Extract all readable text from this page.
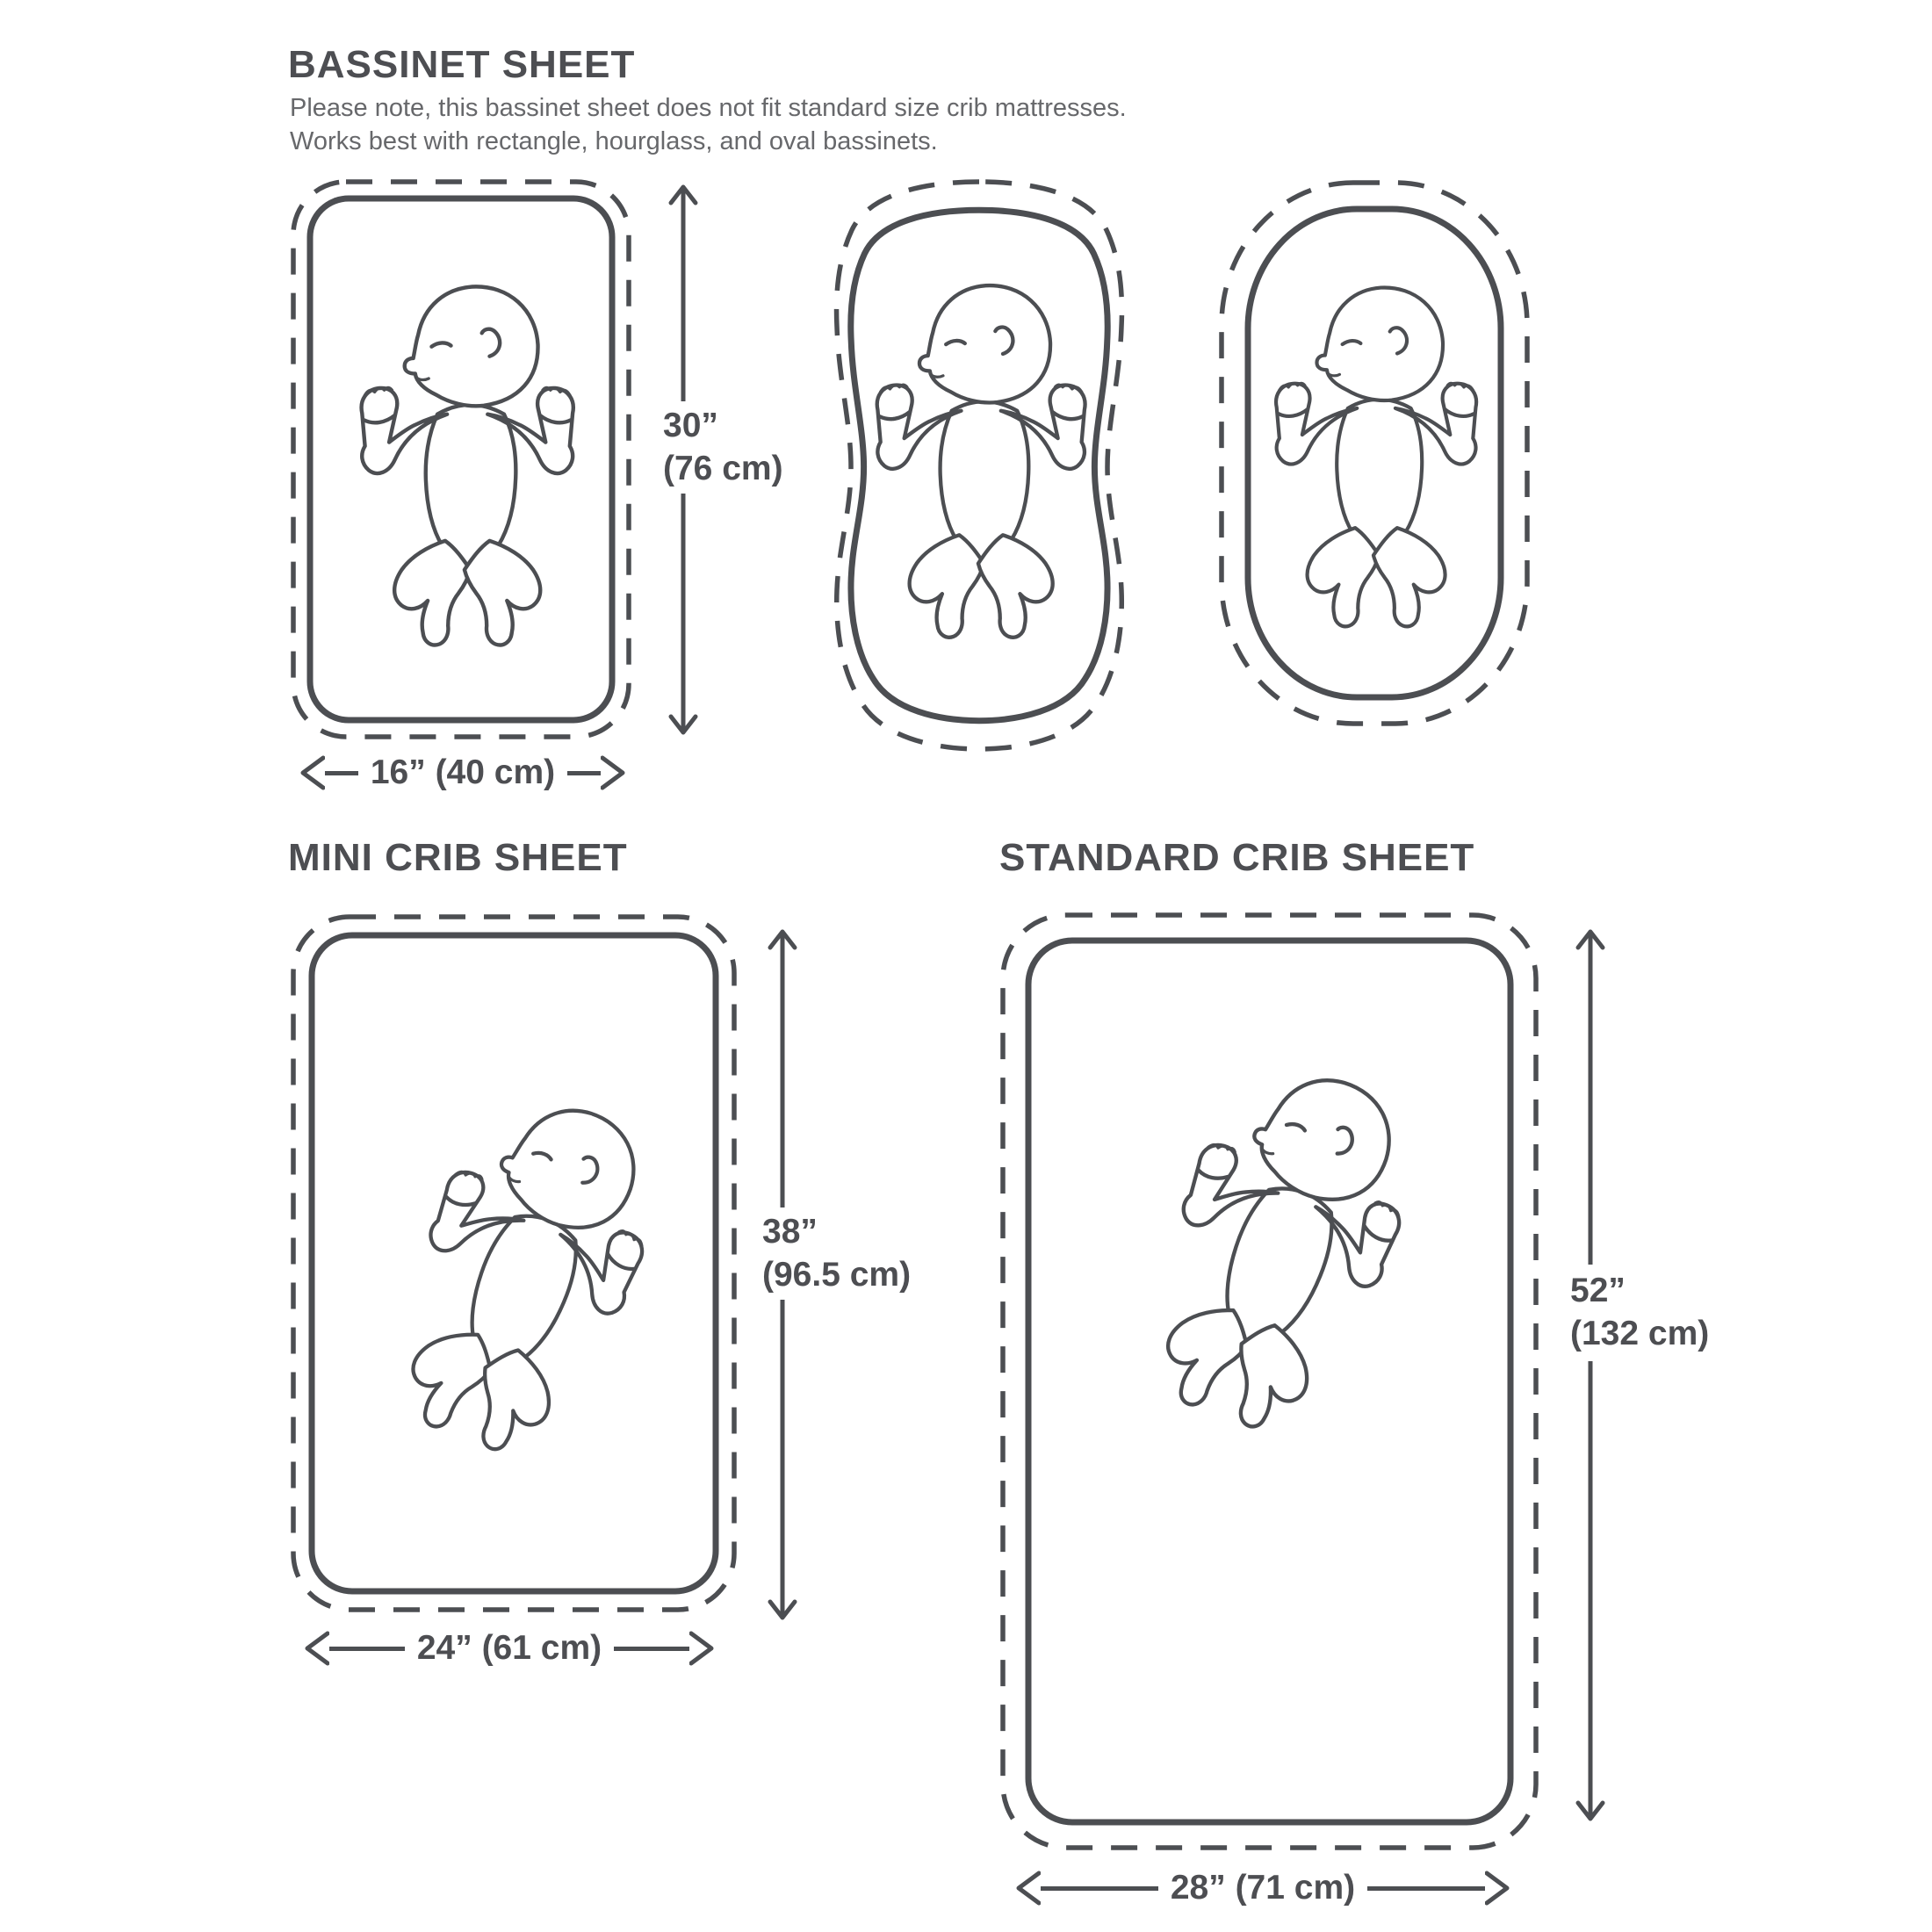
BASSINET SHEET
Please note, this bassinet sheet does not fit standard size crib mattresses.
Works best with rectangle, hourglass, and oval bassinets.
30”
(76 cm)
16” (40 cm)
MINI CRIB SHEET
38”
(96.5 cm)
24” (61 cm)
STANDARD CRIB SHEET
52”
(132 cm)
28” (71 cm)
